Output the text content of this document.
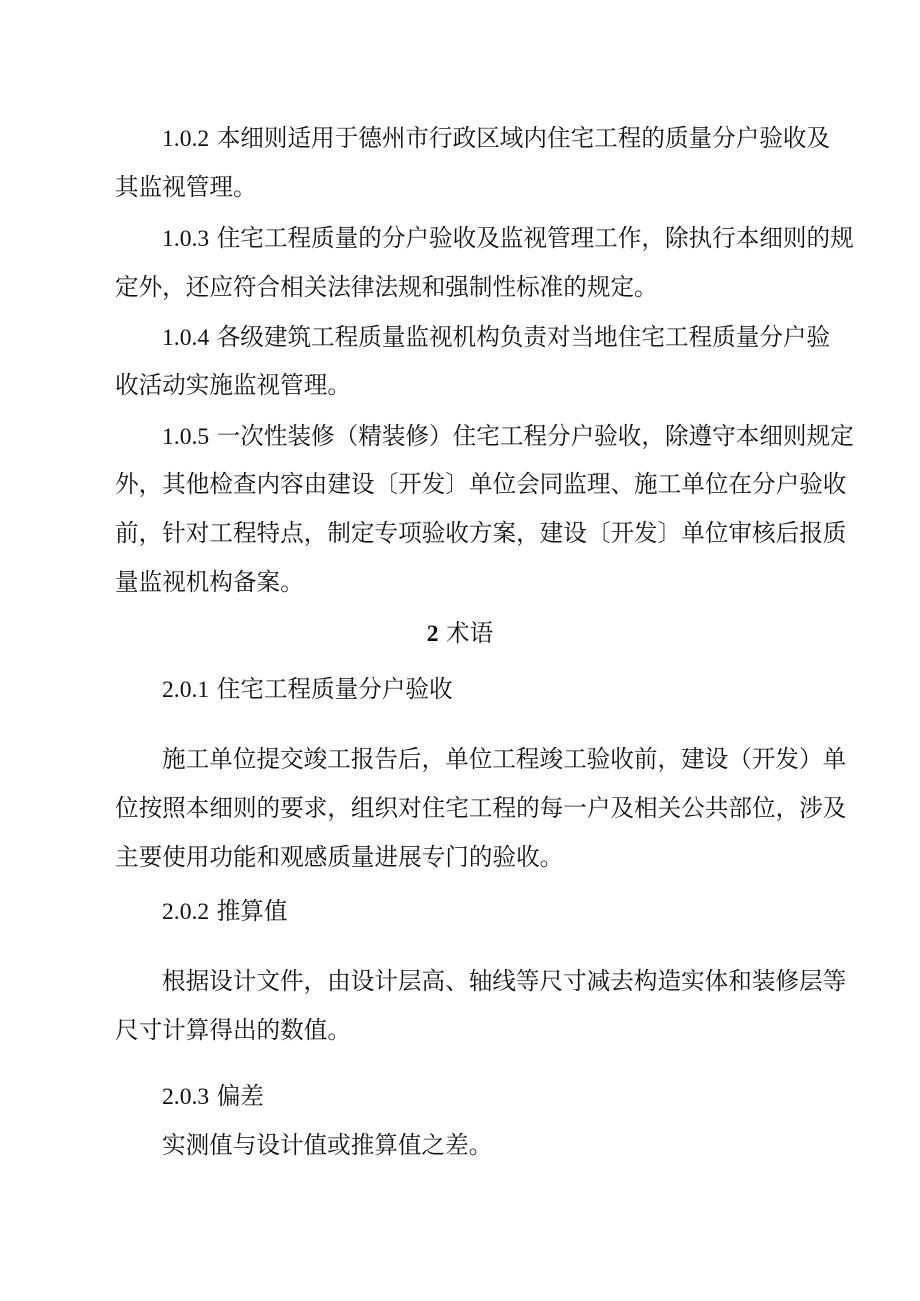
1.0.2 本细则适用于德州市行政区域内住宅工程的质量分户验收及
其监视管理。
1.0.3 住宅工程质量的分户验收及监视管理工作，除执行本细则的规
定外，还应符合相关法律法规和强制性标准的规定。
1.0.4 各级建筑工程质量监视机构负责对当地住宅工程质量分户验
收活动实施监视管理。
1.0.5 一次性装修（精装修）住宅工程分户验收，除遵守本细则规定
外，其他检查内容由建设〔开发〕单位会同监理、施工单位在分户验收
前，针对工程特点，制定专项验收方案，建设〔开发〕单位审核后报质
量监视机构备案。
2 术语
2.0.1 住宅工程质量分户验收
施工单位提交竣工报告后，单位工程竣工验收前，建设（开发）单
位按照本细则的要求，组织对住宅工程的每一户及相关公共部位，涉及
主要使用功能和观感质量进展专门的验收。
2.0.2 推算值
根据设计文件，由设计层高、轴线等尺寸减去构造实体和装修层等
尺寸计算得出的数值。
2.0.3 偏差
实测值与设计值或推算值之差。
